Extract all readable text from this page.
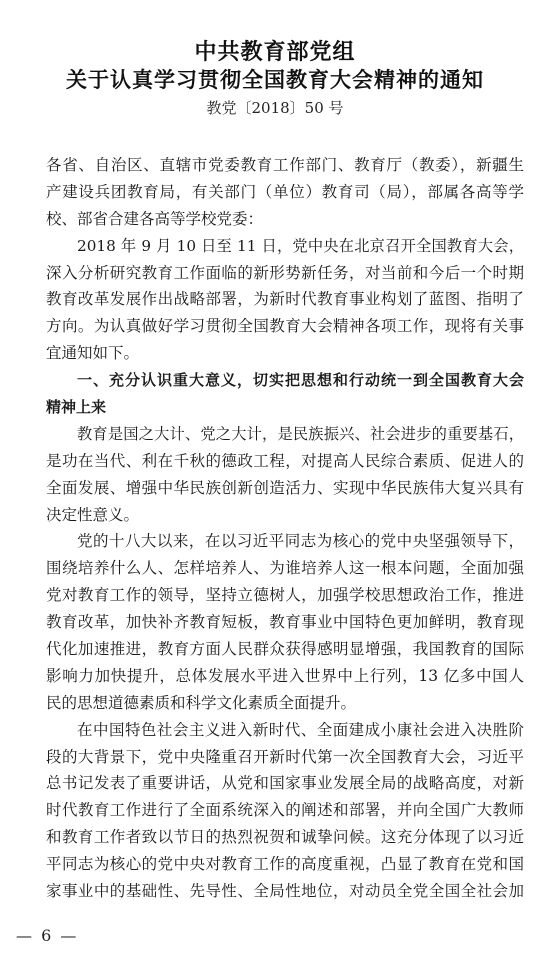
中共教育部党组
关于认真学习贯彻全国教育大会精神的通知
教党〔2018〕50 号
各省、自治区、直辖市党委教育工作部门、教育厅（教委），新疆生
产建设兵团教育局，有关部门（单位）教育司（局），部属各高等学
校、部省合建各高等学校党委：
2018 年 9 月 10 日至 11 日，党中央在北京召开全国教育大会，
深入分析研究教育工作面临的新形势新任务，对当前和今后一个时期
教育改革发展作出战略部署，为新时代教育事业构划了蓝图、指明了
方向。为认真做好学习贯彻全国教育大会精神各项工作，现将有关事
宜通知如下。
一、充分认识重大意义，切实把思想和行动统一到全国教育大会
精神上来
教育是国之大计、党之大计，是民族振兴、社会进步的重要基石，
是功在当代、利在千秋的德政工程，对提高人民综合素质、促进人的
全面发展、增强中华民族创新创造活力、实现中华民族伟大复兴具有
决定性意义。
党的十八大以来，在以习近平同志为核心的党中央坚强领导下，
围绕培养什么人、怎样培养人、为谁培养人这一根本问题，全面加强
党对教育工作的领导，坚持立德树人，加强学校思想政治工作，推进
教育改革，加快补齐教育短板，教育事业中国特色更加鲜明，教育现
代化加速推进，教育方面人民群众获得感明显增强，我国教育的国际
影响力加快提升，总体发展水平进入世界中上行列，13 亿多中国人
民的思想道德素质和科学文化素质全面提升。
在中国特色社会主义进入新时代、全面建成小康社会进入决胜阶
段的大背景下，党中央隆重召开新时代第一次全国教育大会，习近平
总书记发表了重要讲话，从党和国家事业发展全局的战略高度，对新
时代教育工作进行了全面系统深入的阐述和部署，并向全国广大教师
和教育工作者致以节日的热烈祝贺和诚挚问候。这充分体现了以习近
平同志为核心的党中央对教育工作的高度重视，凸显了教育在党和国
家事业中的基础性、先导性、全局性地位，对动员全党全国全社会加
— 6 —
